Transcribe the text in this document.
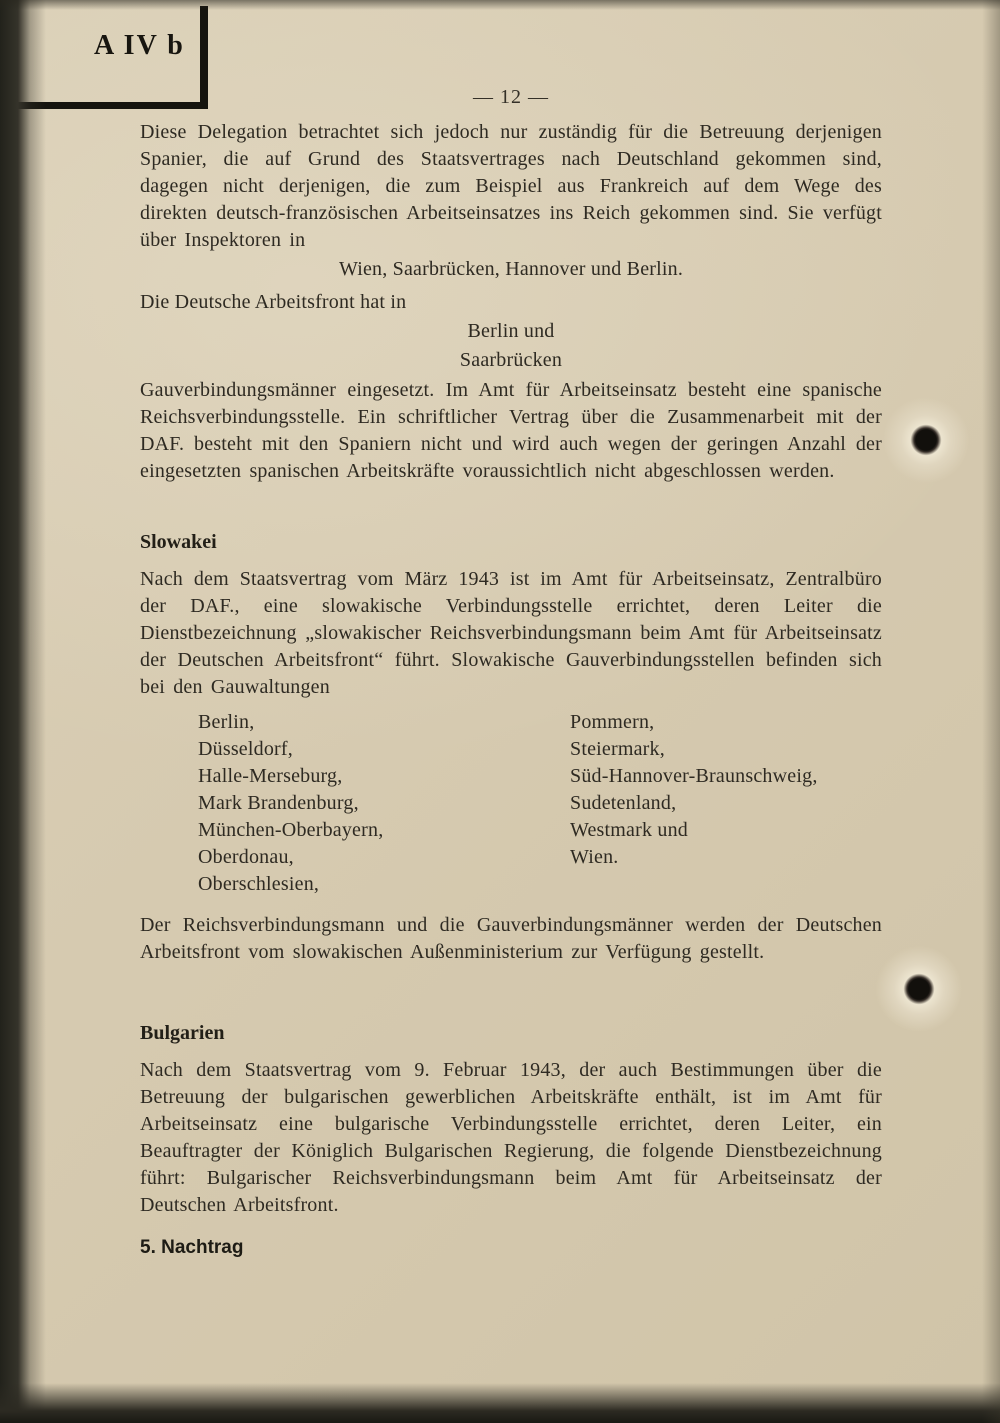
A IV b
— 12 —

Diese Delegation betrachtet sich jedoch nur zuständig für die Betreuung derjenigen Spanier, die auf Grund des Staatsvertrages nach Deutschland gekommen sind, dagegen nicht derjenigen, die zum Beispiel aus Frankreich auf dem Wege des direkten deutsch-französischen Arbeitseinsatzes ins Reich gekommen sind. Sie verfügt über Inspektoren in

Wien, Saarbrücken, Hannover und Berlin.
Die Deutsche Arbeitsfront hat in
Berlin und
Saarbrücken

Gauverbindungsmänner eingesetzt. Im Amt für Arbeitseinsatz besteht eine spanische Reichsverbindungsstelle. Ein schriftlicher Vertrag über die Zusammenarbeit mit der DAF. besteht mit den Spaniern nicht und wird auch wegen der geringen Anzahl der eingesetzten spanischen Arbeitskräfte voraussichtlich nicht abgeschlossen werden.

Slowakei

Nach dem Staatsvertrag vom März 1943 ist im Amt für Arbeitseinsatz, Zentralbüro der DAF., eine slowakische Verbindungsstelle errichtet, deren Leiter die Dienstbezeichnung „slowakischer Reichsverbindungsmann beim Amt für Arbeitseinsatz der Deutschen Arbeitsfront“ führt. Slowakische Gauverbindungsstellen befinden sich bei den Gauwaltungen

Berlin,
Düsseldorf,
Halle-Merseburg,
Mark Brandenburg,
München-Oberbayern,
Oberdonau,
Oberschlesien,
Pommern,
Steiermark,
Süd-Hannover-Braunschweig,
Sudetenland,
Westmark und
Wien.

Der Reichsverbindungsmann und die Gauverbindungsmänner werden der Deutschen Arbeitsfront vom slowakischen Außenministerium zur Verfügung gestellt.

Bulgarien

Nach dem Staatsvertrag vom 9. Februar 1943, der auch Bestimmungen über die Betreuung der bulgarischen gewerblichen Arbeitskräfte enthält, ist im Amt für Arbeitseinsatz eine bulgarische Verbindungsstelle errichtet, deren Leiter, ein Beauftragter der Königlich Bulgarischen Regierung, die folgende Dienstbezeichnung führt: Bulgarischer Reichsverbindungsmann beim Amt für Arbeitseinsatz der Deutschen Arbeitsfront.

5. Nachtrag
